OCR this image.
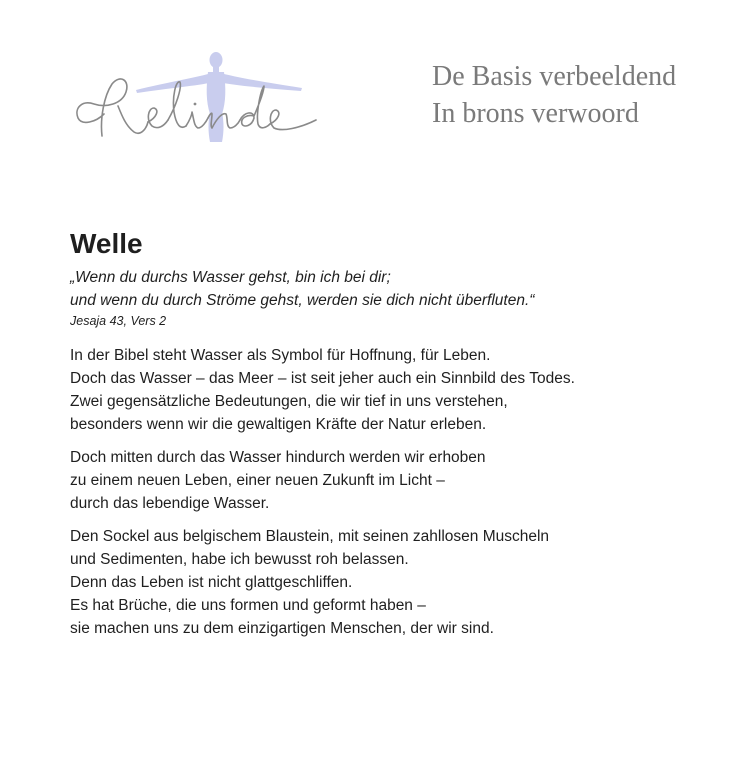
De Basis verbeeldend
In brons verwoord
Welle
„Wenn du durchs Wasser gehst, bin ich bei dir;
und wenn du durch Ströme gehst, werden sie dich nicht überfluten.“
Jesaja 43, Vers 2
In der Bibel steht Wasser als Symbol für Hoffnung, für Leben.
Doch das Wasser – das Meer – ist seit jeher auch ein Sinnbild des Todes.
Zwei gegensätzliche Bedeutungen, die wir tief in uns verstehen,
besonders wenn wir die gewaltigen Kräfte der Natur erleben.
Doch mitten durch das Wasser hindurch werden wir erhoben
zu einem neuen Leben, einer neuen Zukunft im Licht –
durch das lebendige Wasser.
Den Sockel aus belgischem Blaustein, mit seinen zahllosen Muscheln
und Sedimenten, habe ich bewusst roh belassen.
Denn das Leben ist nicht glattgeschliffen.
Es hat Brüche, die uns formen und geformt haben –
sie machen uns zu dem einzigartigen Menschen, der wir sind.
